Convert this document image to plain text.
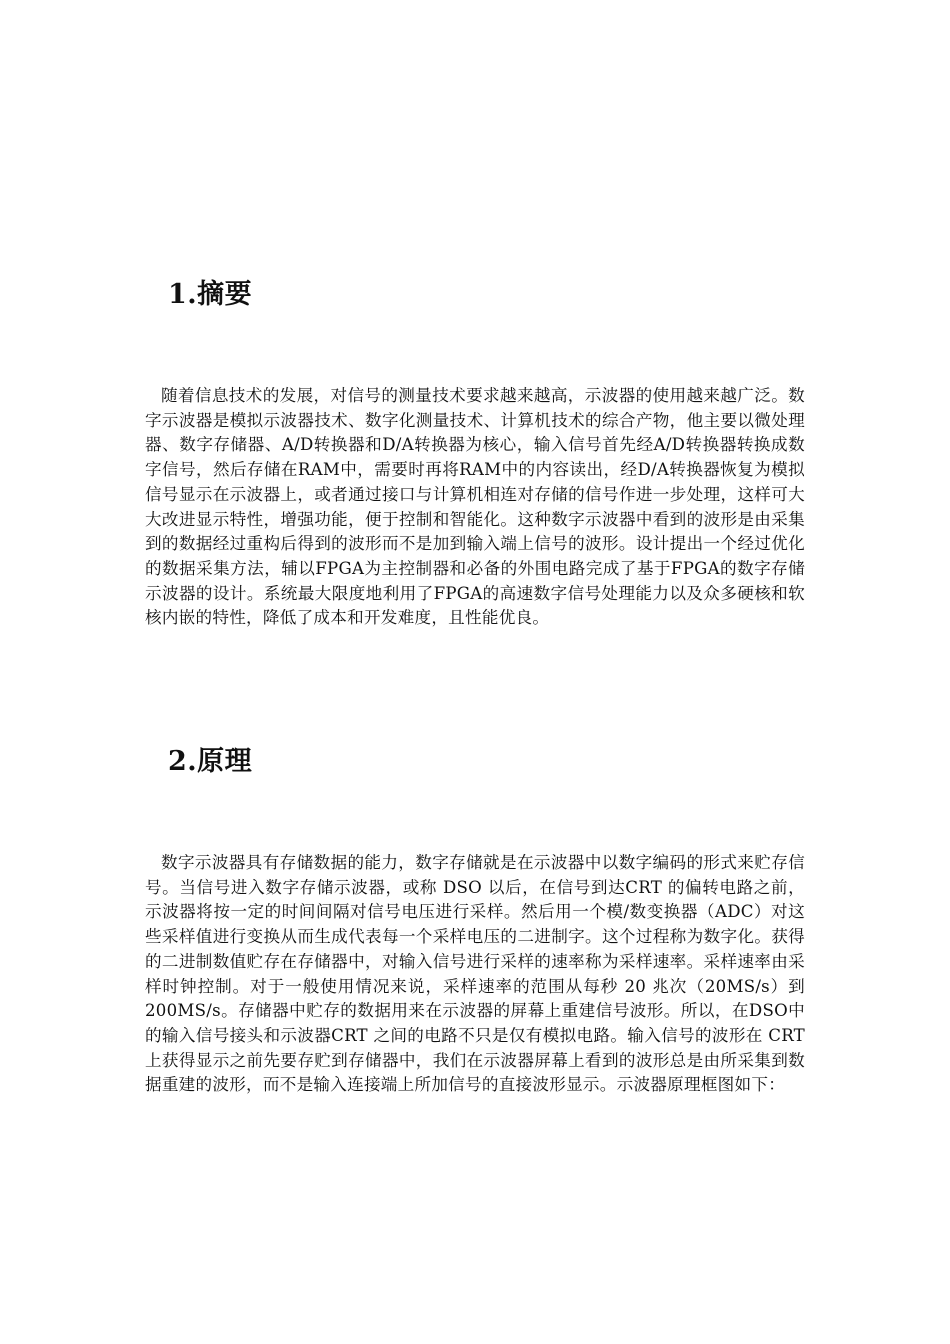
1.摘要

随着信息技术的发展，对信号的测量技术要求越来越高，示波器的使用越来越广泛。数字示波器是模拟示波器技术、数字化测量技术、计算机技术的综合产物，他主要以微处理器、数字存储器、A/D转换器和D/A转换器为核心，输入信号首先经A/D转换器转换成数字信号，然后存储在RAM中，需要时再将RAM中的内容读出，经D/A转换器恢复为模拟信号显示在示波器上，或者通过接口与计算机相连对存储的信号作进一步处理，这样可大大改进显示特性，增强功能，便于控制和智能化。这种数字示波器中看到的波形是由采集到的数据经过重构后得到的波形而不是加到输入端上信号的波形。设计提出一个经过优化的数据采集方法，辅以FPGA为主控制器和必备的外围电路完成了基于FPGA的数字存储示波器的设计。系统最大限度地利用了FPGA的高速数字信号处理能力以及众多硬核和软核内嵌的特性，降低了成本和开发难度，且性能优良。

2.原理

数字示波器具有存储数据的能力，数字存储就是在示波器中以数字编码的形式来贮存信号。当信号进入数字存储示波器，或称 DSO 以后，在信号到达CRT 的偏转电路之前，示波器将按一定的时间间隔对信号电压进行采样。然后用一个模/数变换器（ADC）对这些采样值进行变换从而生成代表每一个采样电压的二进制字。这个过程称为数字化。获得的二进制数值贮存在存储器中，对输入信号进行采样的速率称为采样速率。采样速率由采样时钟控制。对于一般使用情况来说，采样速率的范围从每秒 20 兆次（20MS/s）到 200MS/s。存储器中贮存的数据用来在示波器的屏幕上重建信号波形。所以，在DSO中的输入信号接头和示波器CRT 之间的电路不只是仅有模拟电路。输入信号的波形在 CRT 上获得显示之前先要存贮到存储器中，我们在示波器屏幕上看到的波形总是由所采集到数据重建的波形，而不是输入连接端上所加信号的直接波形显示。示波器原理框图如下：
